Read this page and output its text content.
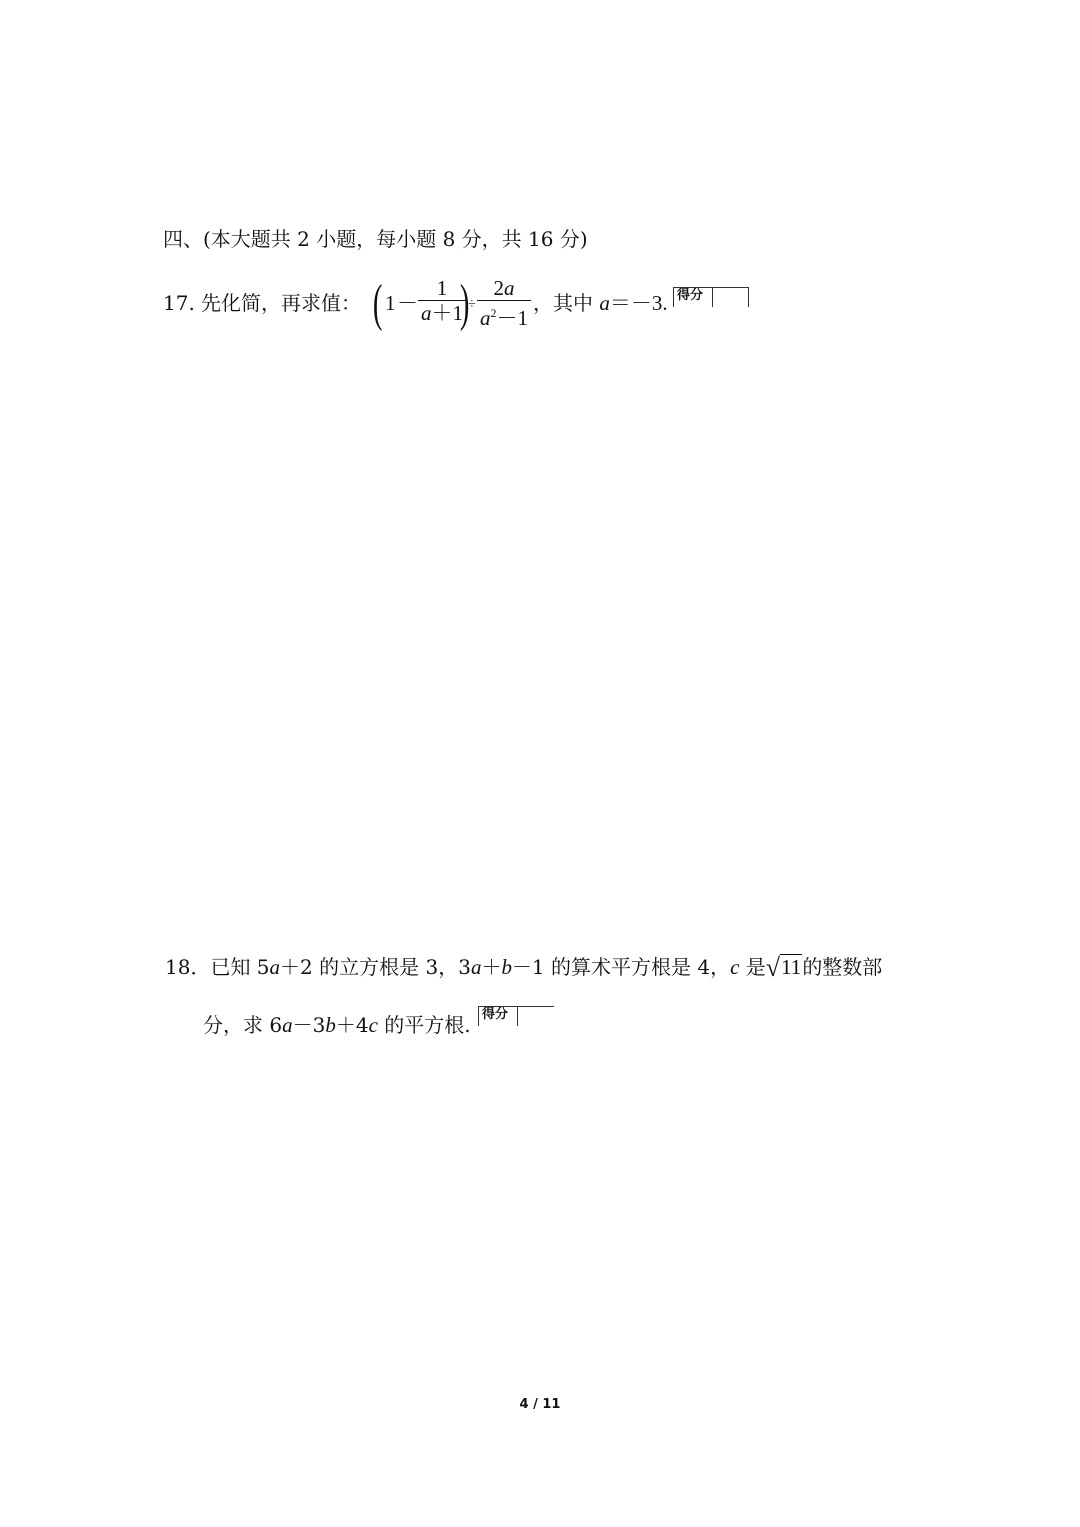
四、(本大题共 2 小题，每小题 8 分，共 16 分)
17. 先化简，再求值： ( $1 - \frac{1}{a+1}$
)
÷ $\frac{2a}{a^2-1}$ ，其中 a＝－3. 得分
18．已知 5a＋2 的立方根是 3，3a＋b－1 的算术平方根是 4，c 是√11的整数部
分，求 6a－3b＋4c 的平方根. 得分
4 / 11
